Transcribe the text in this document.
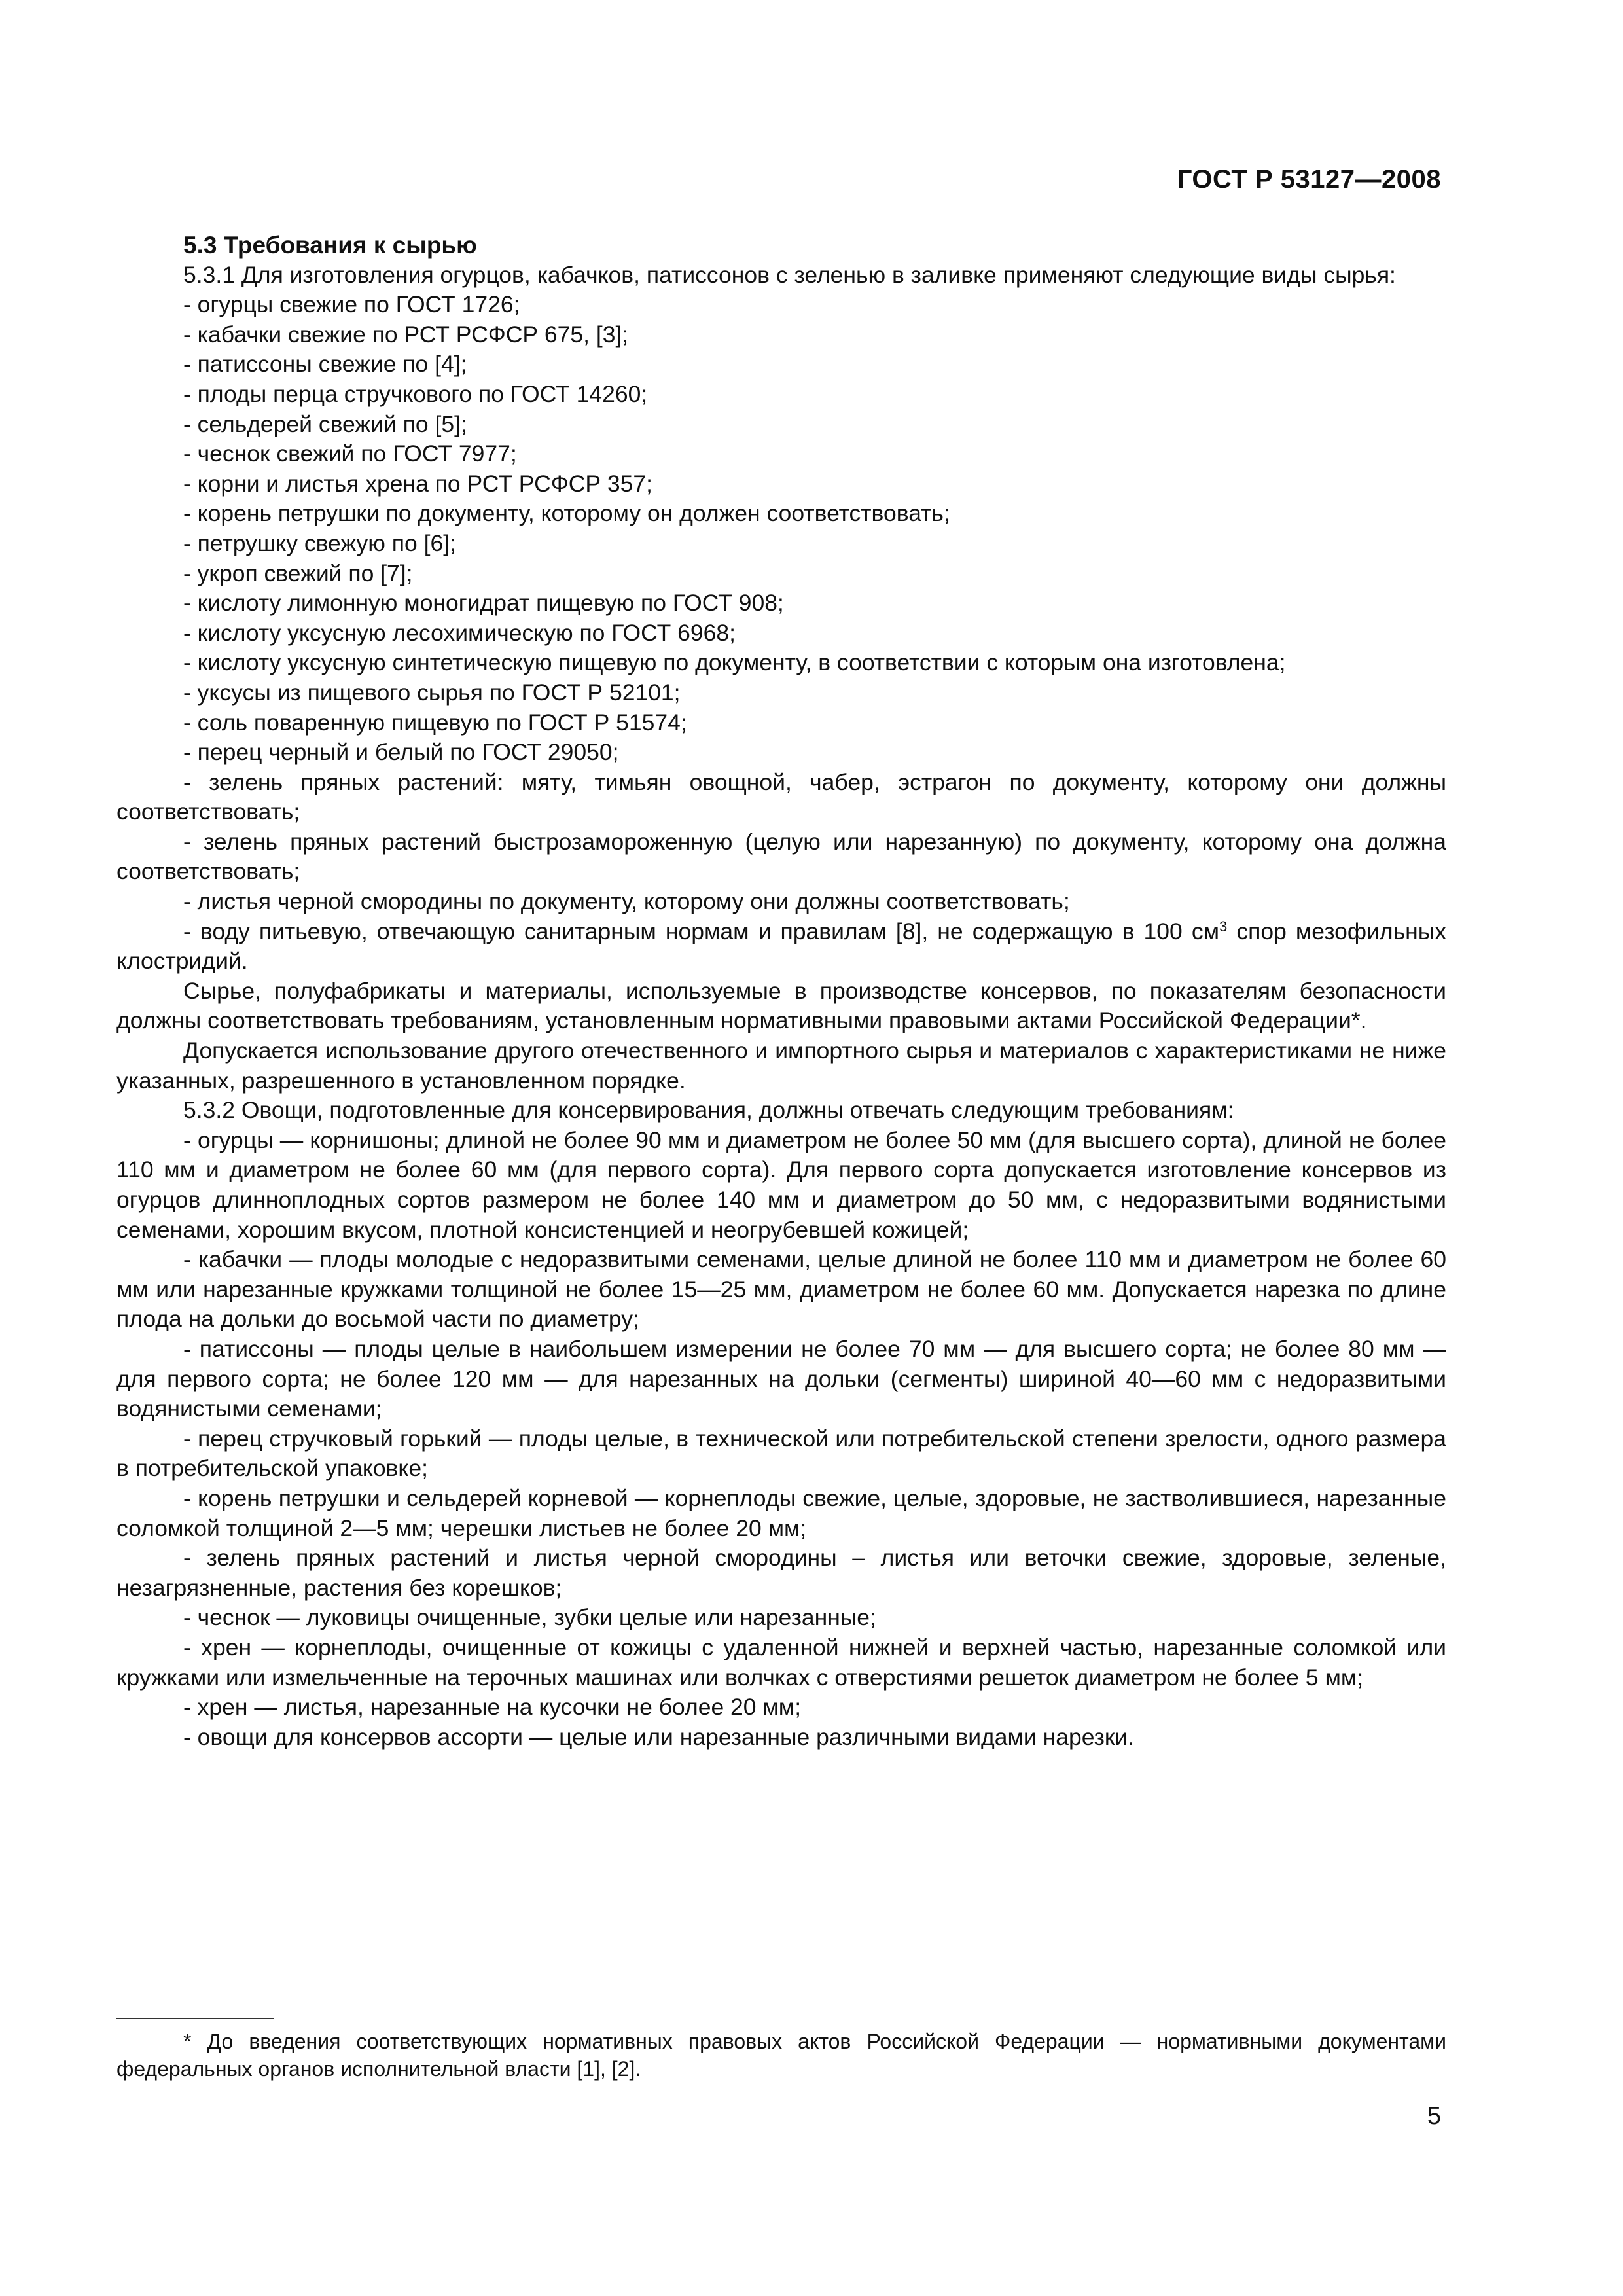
ГОСТ Р 53127—2008

5.3 Требования к сырью

5.3.1 Для изготовления огурцов, кабачков, патиссонов с зеленью в заливке применяют следующие виды сырья:

- огурцы свежие по ГОСТ 1726;

- кабачки свежие по РСТ РСФСР 675, [3];

- патиссоны свежие по [4];

- плоды перца стручкового по ГОСТ 14260;

- сельдерей свежий по [5];

- чеснок свежий по ГОСТ 7977;

- корни и листья хрена по РСТ РСФСР 357;

- корень петрушки по документу, которому он должен соответствовать;

- петрушку свежую по [6];

- укроп свежий по [7];

- кислоту лимонную моногидрат пищевую по ГОСТ 908;

- кислоту уксусную лесохимическую по ГОСТ 6968;

- кислоту уксусную синтетическую пищевую по документу, в соответствии с которым она изготовлена;

- уксусы из пищевого сырья по ГОСТ Р 52101;

- соль поваренную пищевую по ГОСТ Р 51574;

- перец черный и белый по ГОСТ 29050;

- зелень пряных растений: мяту, тимьян овощной, чабер, эстрагон по документу, которому они должны соответствовать;

- зелень пряных растений быстрозамороженную (целую или нарезанную) по документу, которому она должна соответствовать;

- листья черной смородины по документу, которому они должны соответствовать;

- воду питьевую, отвечающую санитарным нормам и правилам [8], не содержащую в 100 $см^3$ спор мезофильных клостридий.

Сырье, полуфабрикаты и материалы, используемые в производстве консервов, по показателям безопасности должны соответствовать требованиям, установленным нормативными правовыми актами Российской Федерации*.

Допускается использование другого отечественного и импортного сырья и материалов с характеристиками не ниже указанных, разрешенного в установленном порядке.

5.3.2 Овощи, подготовленные для консервирования, должны отвечать следующим требованиям:

- огурцы — корнишоны; длиной не более 90 мм и диаметром не более 50 мм (для высшего сорта), длиной не более 110 мм и диаметром не более 60 мм (для первого сорта). Для первого сорта допускается изготовление консервов из огурцов длинноплодных сортов размером не более 140 мм и диаметром до 50 мм, с недоразвитыми водянистыми семенами, хорошим вкусом, плотной консистенцией и неогрубевшей кожицей;

- кабачки — плоды молодые с недоразвитыми семенами, целые длиной не более 110 мм и диаметром не более 60 мм или нарезанные кружками толщиной не более 15—25 мм, диаметром не более 60 мм. Допускается нарезка по длине плода на дольки до восьмой части по диаметру;

- патиссоны — плоды целые в наибольшем измерении не более 70 мм — для высшего сорта; не более 80 мм — для первого сорта; не более 120 мм — для нарезанных на дольки (сегменты) шириной 40—60 мм с недоразвитыми водянистыми семенами;

- перец стручковый горький — плоды целые, в технической или потребительской степени зрелости, одного размера в потребительской упаковке;

- корень петрушки и сельдерей корневой — корнеплоды свежие, целые, здоровые, не застволившиеся, нарезанные соломкой толщиной 2—5 мм; черешки листьев не более 20 мм;

- зелень пряных растений и листья черной смородины – листья или веточки свежие, здоровые, зеленые, незагрязненные, растения без корешков;

- чеснок — луковицы очищенные, зубки целые или нарезанные;

- хрен — корнеплоды, очищенные от кожицы с удаленной нижней и верхней частью, нарезанные соломкой или кружками или измельченные на терочных машинах или волчках с отверстиями решеток диаметром не более 5 мм;

- хрен — листья, нарезанные на кусочки не более 20 мм;

- овощи для консервов ассорти — целые или нарезанные различными видами нарезки.

* До введения соответствующих нормативных правовых актов Российской Федерации — нормативными документами федеральных органов исполнительной власти [1], [2].

5
